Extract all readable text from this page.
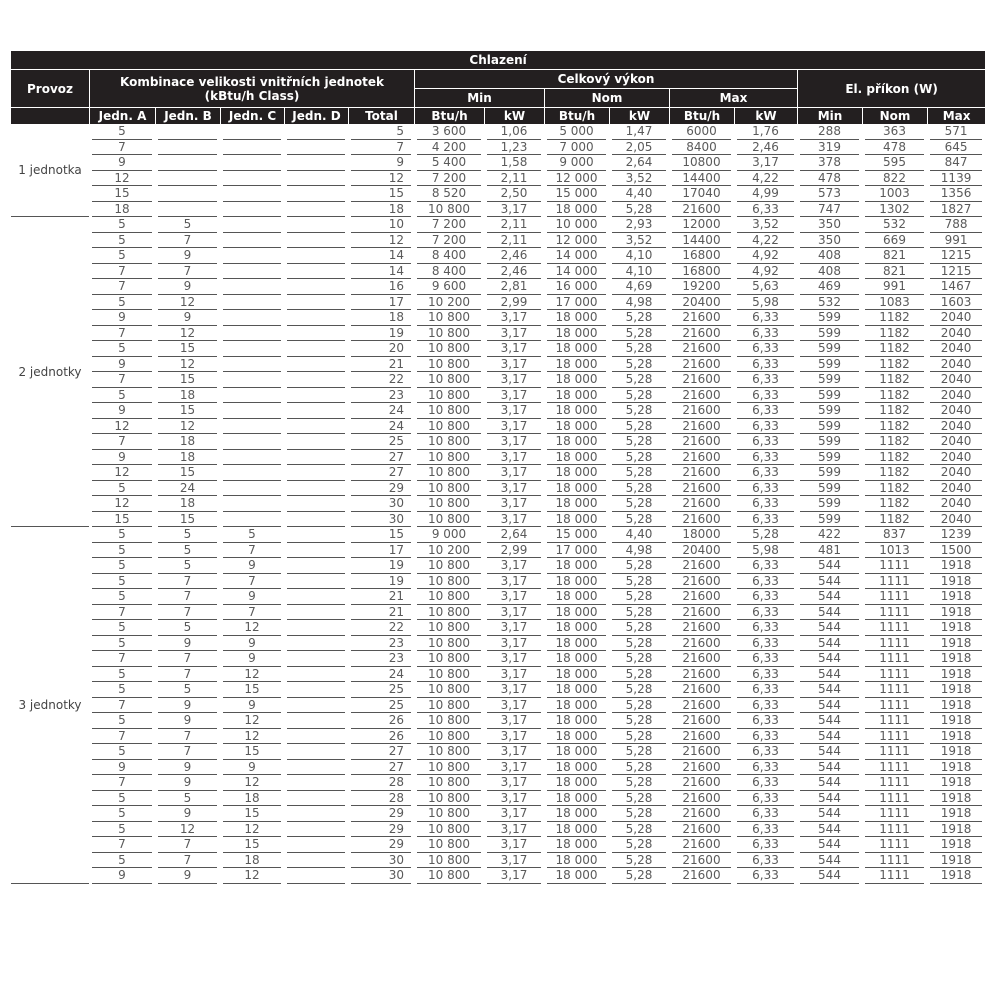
Chlazení														
Provoz	Kombinace velikosti vnitřních jednotek
(kBtu/h Class)					Celkový výkon						El. příkon (W)		
						Min		Nom		Max				
	Jedn. A	Jedn. B	Jedn. C	Jedn. D	Total	Btu/h	kW	Btu/h	kW	Btu/h	kW	Min	Nom	Max
1 jednotka	5				5	3 600	1,06	5 000	1,47	6000	1,76	288	363	571
	7				7	4 200	1,23	7 000	2,05	8400	2,46	319	478	645
	9				9	5 400	1,58	9 000	2,64	10800	3,17	378	595	847
	12				12	7 200	2,11	12 000	3,52	14400	4,22	478	822	1139
	15				15	8 520	2,50	15 000	4,40	17040	4,99	573	1003	1356
	18				18	10 800	3,17	18 000	5,28	21600	6,33	747	1302	1827
2 jednotky	5	5			10	7 200	2,11	10 000	2,93	12000	3,52	350	532	788
	5	7			12	7 200	2,11	12 000	3,52	14400	4,22	350	669	991
	5	9			14	8 400	2,46	14 000	4,10	16800	4,92	408	821	1215
	7	7			14	8 400	2,46	14 000	4,10	16800	4,92	408	821	1215
	7	9			16	9 600	2,81	16 000	4,69	19200	5,63	469	991	1467
	5	12			17	10 200	2,99	17 000	4,98	20400	5,98	532	1083	1603
	9	9			18	10 800	3,17	18 000	5,28	21600	6,33	599	1182	2040
	7	12			19	10 800	3,17	18 000	5,28	21600	6,33	599	1182	2040
	5	15			20	10 800	3,17	18 000	5,28	21600	6,33	599	1182	2040
	9	12			21	10 800	3,17	18 000	5,28	21600	6,33	599	1182	2040
	7	15			22	10 800	3,17	18 000	5,28	21600	6,33	599	1182	2040
	5	18			23	10 800	3,17	18 000	5,28	21600	6,33	599	1182	2040
	9	15			24	10 800	3,17	18 000	5,28	21600	6,33	599	1182	2040
	12	12			24	10 800	3,17	18 000	5,28	21600	6,33	599	1182	2040
	7	18			25	10 800	3,17	18 000	5,28	21600	6,33	599	1182	2040
	9	18			27	10 800	3,17	18 000	5,28	21600	6,33	599	1182	2040
	12	15			27	10 800	3,17	18 000	5,28	21600	6,33	599	1182	2040
	5	24			29	10 800	3,17	18 000	5,28	21600	6,33	599	1182	2040
	12	18			30	10 800	3,17	18 000	5,28	21600	6,33	599	1182	2040
	15	15			30	10 800	3,17	18 000	5,28	21600	6,33	599	1182	2040
3 jednotky	5	5	5		15	9 000	2,64	15 000	4,40	18000	5,28	422	837	1239
	5	5	7		17	10 200	2,99	17 000	4,98	20400	5,98	481	1013	1500
	5	5	9		19	10 800	3,17	18 000	5,28	21600	6,33	544	1111	1918
	5	7	7		19	10 800	3,17	18 000	5,28	21600	6,33	544	1111	1918
	5	7	9		21	10 800	3,17	18 000	5,28	21600	6,33	544	1111	1918
	7	7	7		21	10 800	3,17	18 000	5,28	21600	6,33	544	1111	1918
	5	5	12		22	10 800	3,17	18 000	5,28	21600	6,33	544	1111	1918
	5	9	9		23	10 800	3,17	18 000	5,28	21600	6,33	544	1111	1918
	7	7	9		23	10 800	3,17	18 000	5,28	21600	6,33	544	1111	1918
	5	7	12		24	10 800	3,17	18 000	5,28	21600	6,33	544	1111	1918
	5	5	15		25	10 800	3,17	18 000	5,28	21600	6,33	544	1111	1918
	7	9	9		25	10 800	3,17	18 000	5,28	21600	6,33	544	1111	1918
	5	9	12		26	10 800	3,17	18 000	5,28	21600	6,33	544	1111	1918
	7	7	12		26	10 800	3,17	18 000	5,28	21600	6,33	544	1111	1918
	5	7	15		27	10 800	3,17	18 000	5,28	21600	6,33	544	1111	1918
	9	9	9		27	10 800	3,17	18 000	5,28	21600	6,33	544	1111	1918
	7	9	12		28	10 800	3,17	18 000	5,28	21600	6,33	544	1111	1918
	5	5	18		28	10 800	3,17	18 000	5,28	21600	6,33	544	1111	1918
	5	9	15		29	10 800	3,17	18 000	5,28	21600	6,33	544	1111	1918
	5	12	12		29	10 800	3,17	18 000	5,28	21600	6,33	544	1111	1918
	7	7	15		29	10 800	3,17	18 000	5,28	21600	6,33	544	1111	1918
	5	7	18		30	10 800	3,17	18 000	5,28	21600	6,33	544	1111	1918
	9	9	12		30	10 800	3,17	18 000	5,28	21600	6,33	544	1111	1918
